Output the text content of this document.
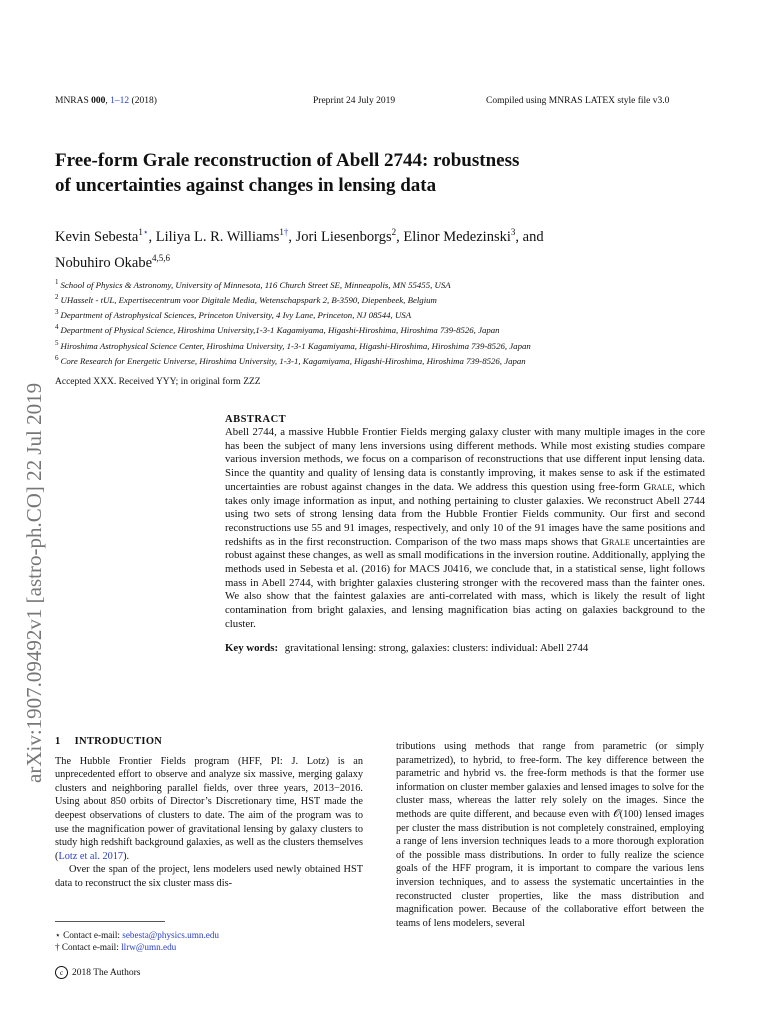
MNRAS 000, 1–12 (2018)	Preprint 24 July 2019	Compiled using MNRAS LATEX style file v3.0
arXiv:1907.09492v1 [astro-ph.CO] 22 Jul 2019
Free-form Grale reconstruction of Abell 2744: robustness
of uncertainties against changes in lensing data
Kevin Sebesta$^{1⋆}$, Liliya L. R. Williams$^{1\dagger}$, Jori Liesenborgs$^2$, Elinor Medezinski$^3$, and
Nobuhiro Okabe$^{4,5,6}$
$^1$ School of Physics & Astronomy, University of Minnesota, 116 Church Street SE, Minneapolis, MN 55455, USA
$^2$ UHasselt - tUL, Expertisecentrum voor Digitale Media, Wetenschapspark 2, B-3590, Diepenbeek, Belgium
$^3$ Department of Astrophysical Sciences, Princeton University, 4 Ivy Lane, Princeton, NJ 08544, USA
$^4$ Department of Physical Science, Hiroshima University,1-3-1 Kagamiyama, Higashi-Hiroshima, Hiroshima 739-8526, Japan
$^5$ Hiroshima Astrophysical Science Center, Hiroshima University, 1-3-1 Kagamiyama, Higashi-Hiroshima, Hiroshima 739-8526, Japan
$^6$ Core Research for Energetic Universe, Hiroshima University, 1-3-1, Kagamiyama, Higashi-Hiroshima, Hiroshima 739-8526, Japan
Accepted XXX. Received YYY; in original form ZZZ
ABSTRACT
Abell 2744, a massive Hubble Frontier Fields merging galaxy cluster with many multiple images in the core has been the subject of many lens inversions using different methods. While most existing studies compare various inversion methods, we focus on a comparison of reconstructions that use different input lensing data. Since the quantity and quality of lensing data is constantly improving, it makes sense to ask if the estimated uncertainties are robust against changes in the data. We address this question using free-form Grale, which takes only image information as input, and nothing pertaining to cluster galaxies. We reconstruct Abell 2744 using two sets of strong lensing data from the Hubble Frontier Fields community. Our first and second reconstructions use 55 and 91 images, respectively, and only 10 of the 91 images have the same positions and redshifts as in the first reconstruction. Comparison of the two mass maps shows that Grale uncertainties are robust against these changes, as well as small modifications in the inversion routine. Additionally, applying the methods used in Sebesta et al. (2016) for MACS J0416, we conclude that, in a statistical sense, light follows mass in Abell 2744, with brighter galaxies clustering stronger with the recovered mass than the fainter ones. We also show that the faintest galaxies are anti-correlated with mass, which is likely the result of light contamination from bright galaxies, and lensing magnification bias acting on galaxies background to the cluster.
Key words: gravitational lensing: strong, galaxies: clusters: individual: Abell 2744
1 INTRODUCTION
The Hubble Frontier Fields program (HFF, PI: J. Lotz) is an unprecedented effort to observe and analyze six massive, merging galaxy clusters and neighboring parallel fields, over three years, 2013−2016. Using about 850 orbits of Director’s Discretionary time, HST made the deepest observations of clusters to date. The aim of the program was to use the magnification power of gravitational lensing by galaxy clusters to study high redshift background galaxies, as well as the clusters themselves (Lotz et al. 2017).
Over the span of the project, lens modelers used newly obtained HST data to reconstruct the six cluster mass dis-
tributions using methods that range from parametric (or simply parametrized), to hybrid, to free-form. The key difference between the parametric and hybrid vs. the free-form methods is that the former use information on cluster member galaxies and lensed images to solve for the cluster mass, whereas the latter rely solely on the images. Since the methods are quite different, and because even with 𝒪(100) lensed images per cluster the mass distribution is not completely constrained, employing a range of lens inversion techniques leads to a more thorough exploration of the possible mass distributions. In order to fully realize the science goals of the HFF program, it is important to compare the various lens inversion techniques, and to assess the systematic uncertainties in the reconstructed cluster properties, like the mass distribution and magnification power. Because of the collaborative effort between the teams of lens modelers, several
⋆ Contact e-mail: sebesta@physics.umn.edu
† Contact e-mail: llrw@umn.edu
c 2018 The Authors
